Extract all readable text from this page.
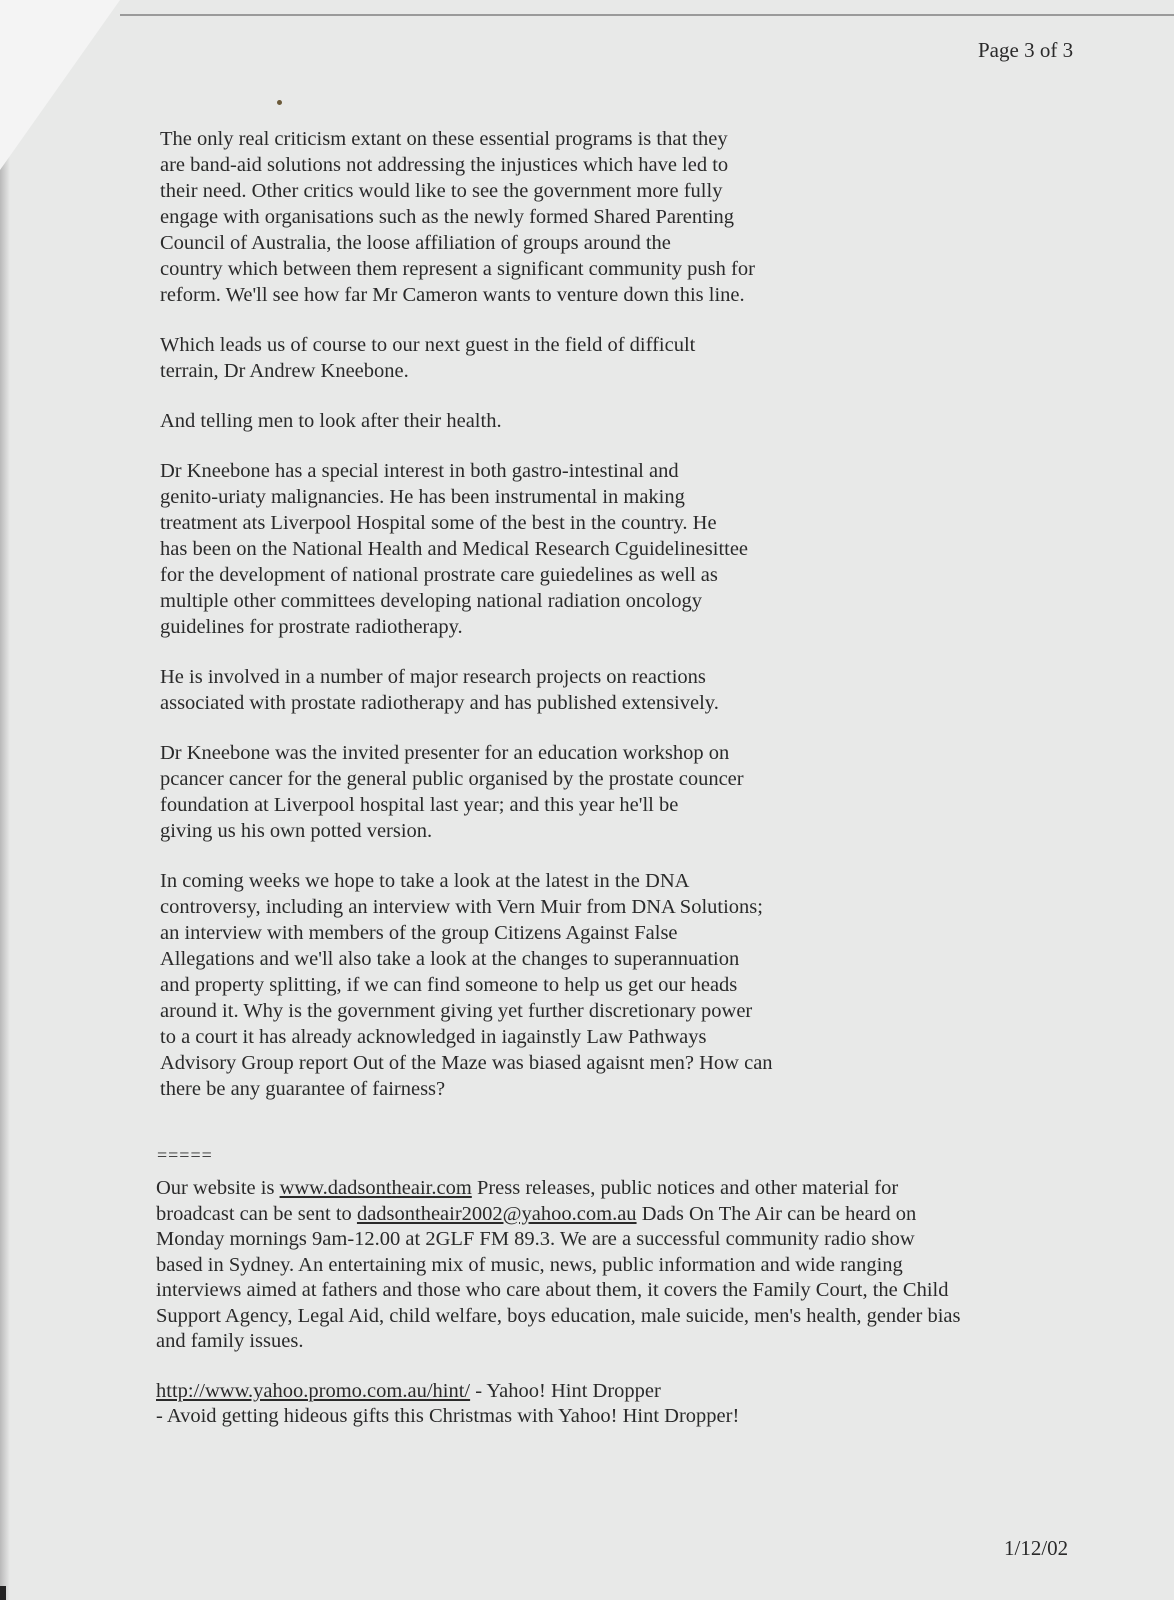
Page 3 of 3

The only real criticism extant on these essential programs is that they
are band-aid solutions not addressing the injustices which have led to
their need. Other critics would like to see the government more fully
engage with organisations such as the newly formed Shared Parenting
Council of Australia, the loose affiliation of groups around the
country which between them represent a significant community push for
reform. We'll see how far Mr Cameron wants to venture down this line.

Which leads us of course to our next guest in the field of difficult
terrain, Dr Andrew Kneebone.

And telling men to look after their health.

Dr Kneebone has a special interest in both gastro-intestinal and
genito-uriaty malignancies. He has been instrumental in making
treatment ats Liverpool Hospital some of the best in the country. He
has been on the National Health and Medical Research Cguidelinesittee
for the development of national prostrate care guiedelines as well as
multiple other committees developing national radiation oncology
guidelines for prostrate radiotherapy.

He is involved in a number of major research projects on reactions
associated with prostate radiotherapy and has published extensively.

Dr Kneebone was the invited presenter for an education workshop on
pcancer cancer for the general public organised by the prostate councer
foundation at Liverpool hospital last year; and this year he'll be
giving us his own potted version.

In coming weeks we hope to take a look at the latest in the DNA
controversy, including an interview with Vern Muir from DNA Solutions;
an interview with members of the group Citizens Against False
Allegations and we'll also take a look at the changes to superannuation
and property splitting, if we can find someone to help us get our heads
around it. Why is the government giving yet further discretionary power
to a court it has already acknowledged in iagainstly Law Pathways
Advisory Group report Out of the Maze was biased agaisnt men? How can
there be any guarantee of fairness?

=====

Our website is www.dadsontheair.com Press releases, public notices and other material for
broadcast can be sent to dadsontheair2002@yahoo.com.au Dads On The Air can be heard on
Monday mornings 9am-12.00 at 2GLF FM 89.3. We are a successful community radio show
based in Sydney. An entertaining mix of music, news, public information and wide ranging
interviews aimed at fathers and those who care about them, it covers the Family Court, the Child
Support Agency, Legal Aid, child welfare, boys education, male suicide, men's health, gender bias
and family issues.

http://www.yahoo.promo.com.au/hint/ - Yahoo! Hint Dropper
- Avoid getting hideous gifts this Christmas with Yahoo! Hint Dropper!

1/12/02
